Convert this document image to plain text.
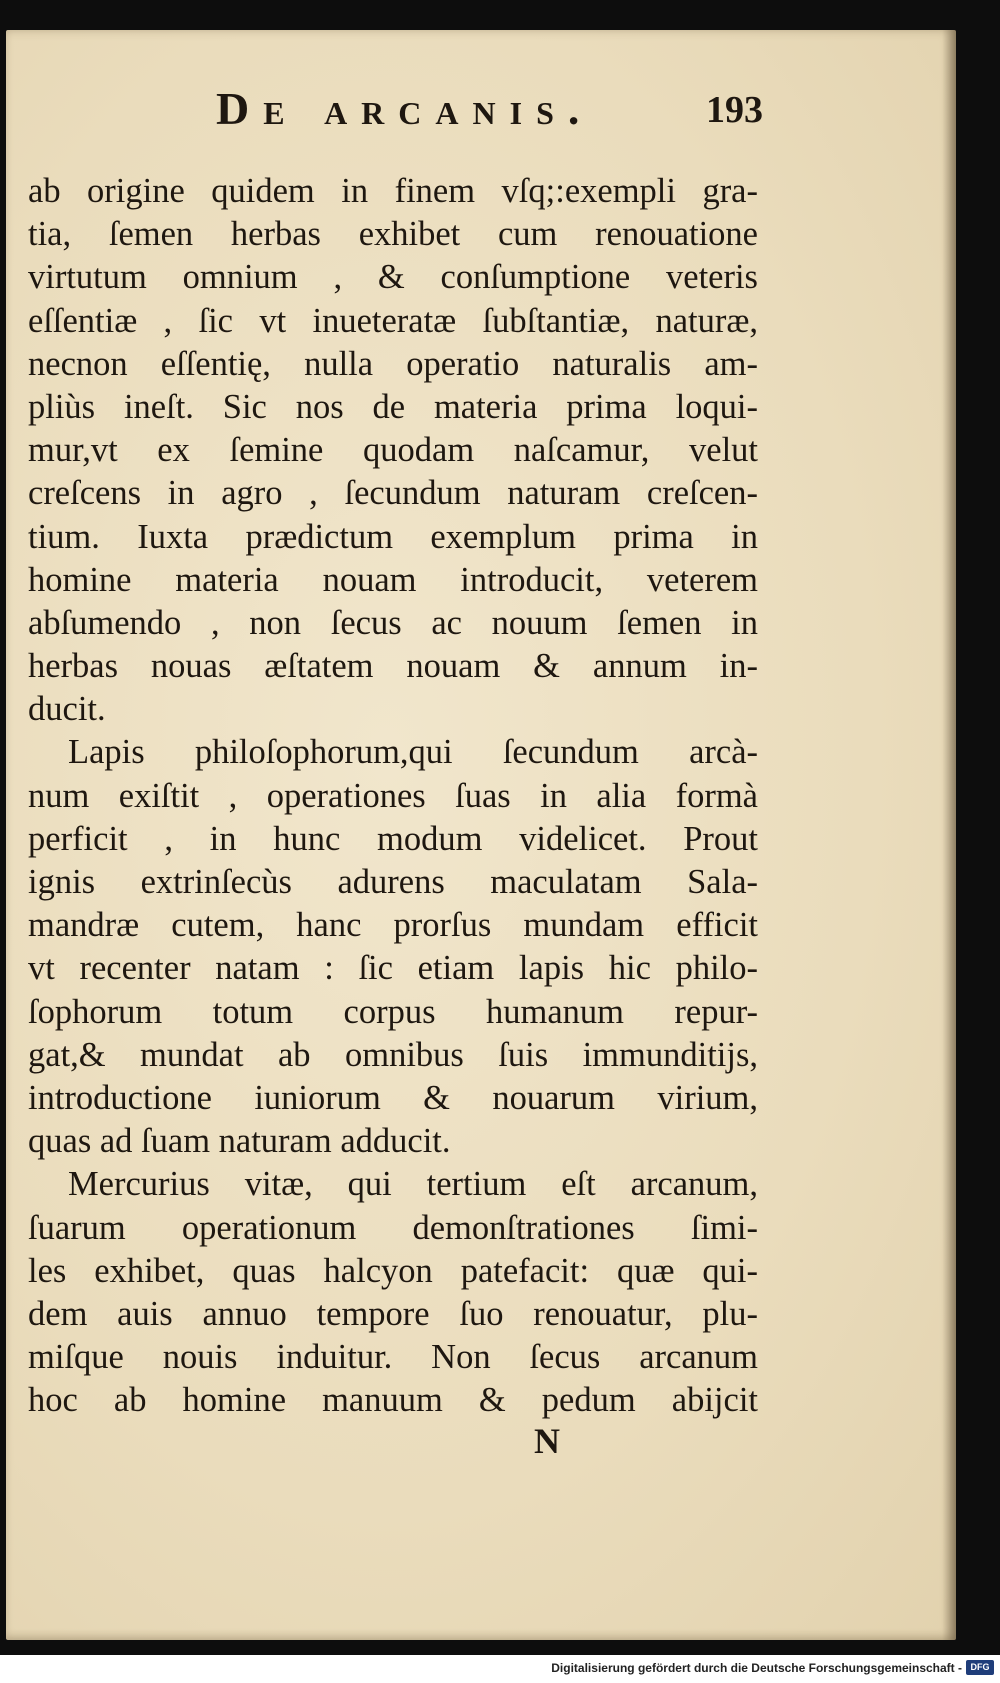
De arcanis.	193
ab origine quidem in finem vſq;:exempli gra-
tia, ſemen herbas exhibet cum renouatione
virtutum omnium , & conſumptione veteris
eſſentiæ , ſic vt inueteratæ ſubſtantiæ, naturæ,
necnon eſſentię, nulla operatio naturalis am-
pliùs ineſt. Sic nos de materia prima loqui-
mur,vt ex ſemine quodam naſcamur, velut
creſcens in agro , ſecundum naturam creſcen-
tium. Iuxta prædictum exemplum prima in
homine materia nouam introducit, veterem
abſumendo , non ſecus ac nouum ſemen in
herbas nouas æſtatem nouam & annum in-
ducit.
Lapis philoſophorum,qui ſecundum arcà-
num exiſtit , operationes ſuas in alia formà
perficit , in hunc modum videlicet. Prout
ignis extrinſecùs adurens maculatam Sala-
mandræ cutem, hanc prorſus mundam efficit
vt recenter natam : ſic etiam lapis hic philo-
ſophorum totum corpus humanum repur-
gat,& mundat ab omnibus ſuis immunditijs,
introductione iuniorum & nouarum virium,
quas ad ſuam naturam adducit.
Mercurius vitæ, qui tertium eſt arcanum,
ſuarum operationum demonſtrationes ſimi-
les exhibet, quas halcyon patefacit: quæ qui-
dem auis annuo tempore ſuo renouatur, plu-
miſque nouis induitur. Non ſecus arcanum
hoc ab homine manuum & pedum abijcit
N
Digitalisierung gefördert durch die Deutsche Forschungsgemeinschaft - DFG
